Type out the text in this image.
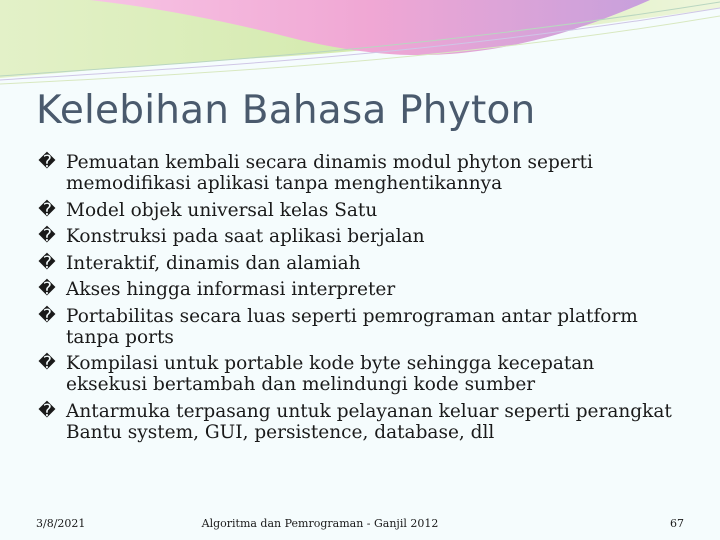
Kelebihan Bahasa Phyton
� Pemuatan kembali secara dinamis modul phyton seperti memodifikasi aplikasi tanpa menghentikannya
� Model objek universal kelas Satu
� Konstruksi pada saat aplikasi berjalan
� Interaktif, dinamis dan alamiah
� Akses hingga informasi interpreter
� Portabilitas secara luas seperti pemrograman antar platform tanpa ports
� Kompilasi untuk portable kode byte sehingga kecepatan eksekusi bertambah dan melindungi kode sumber
� Antarmuka terpasang untuk pelayanan keluar seperti perangkat Bantu system, GUI, persistence, database, dll
3/8/2021	Algoritma dan Pemrograman - Ganjil 2012	67
